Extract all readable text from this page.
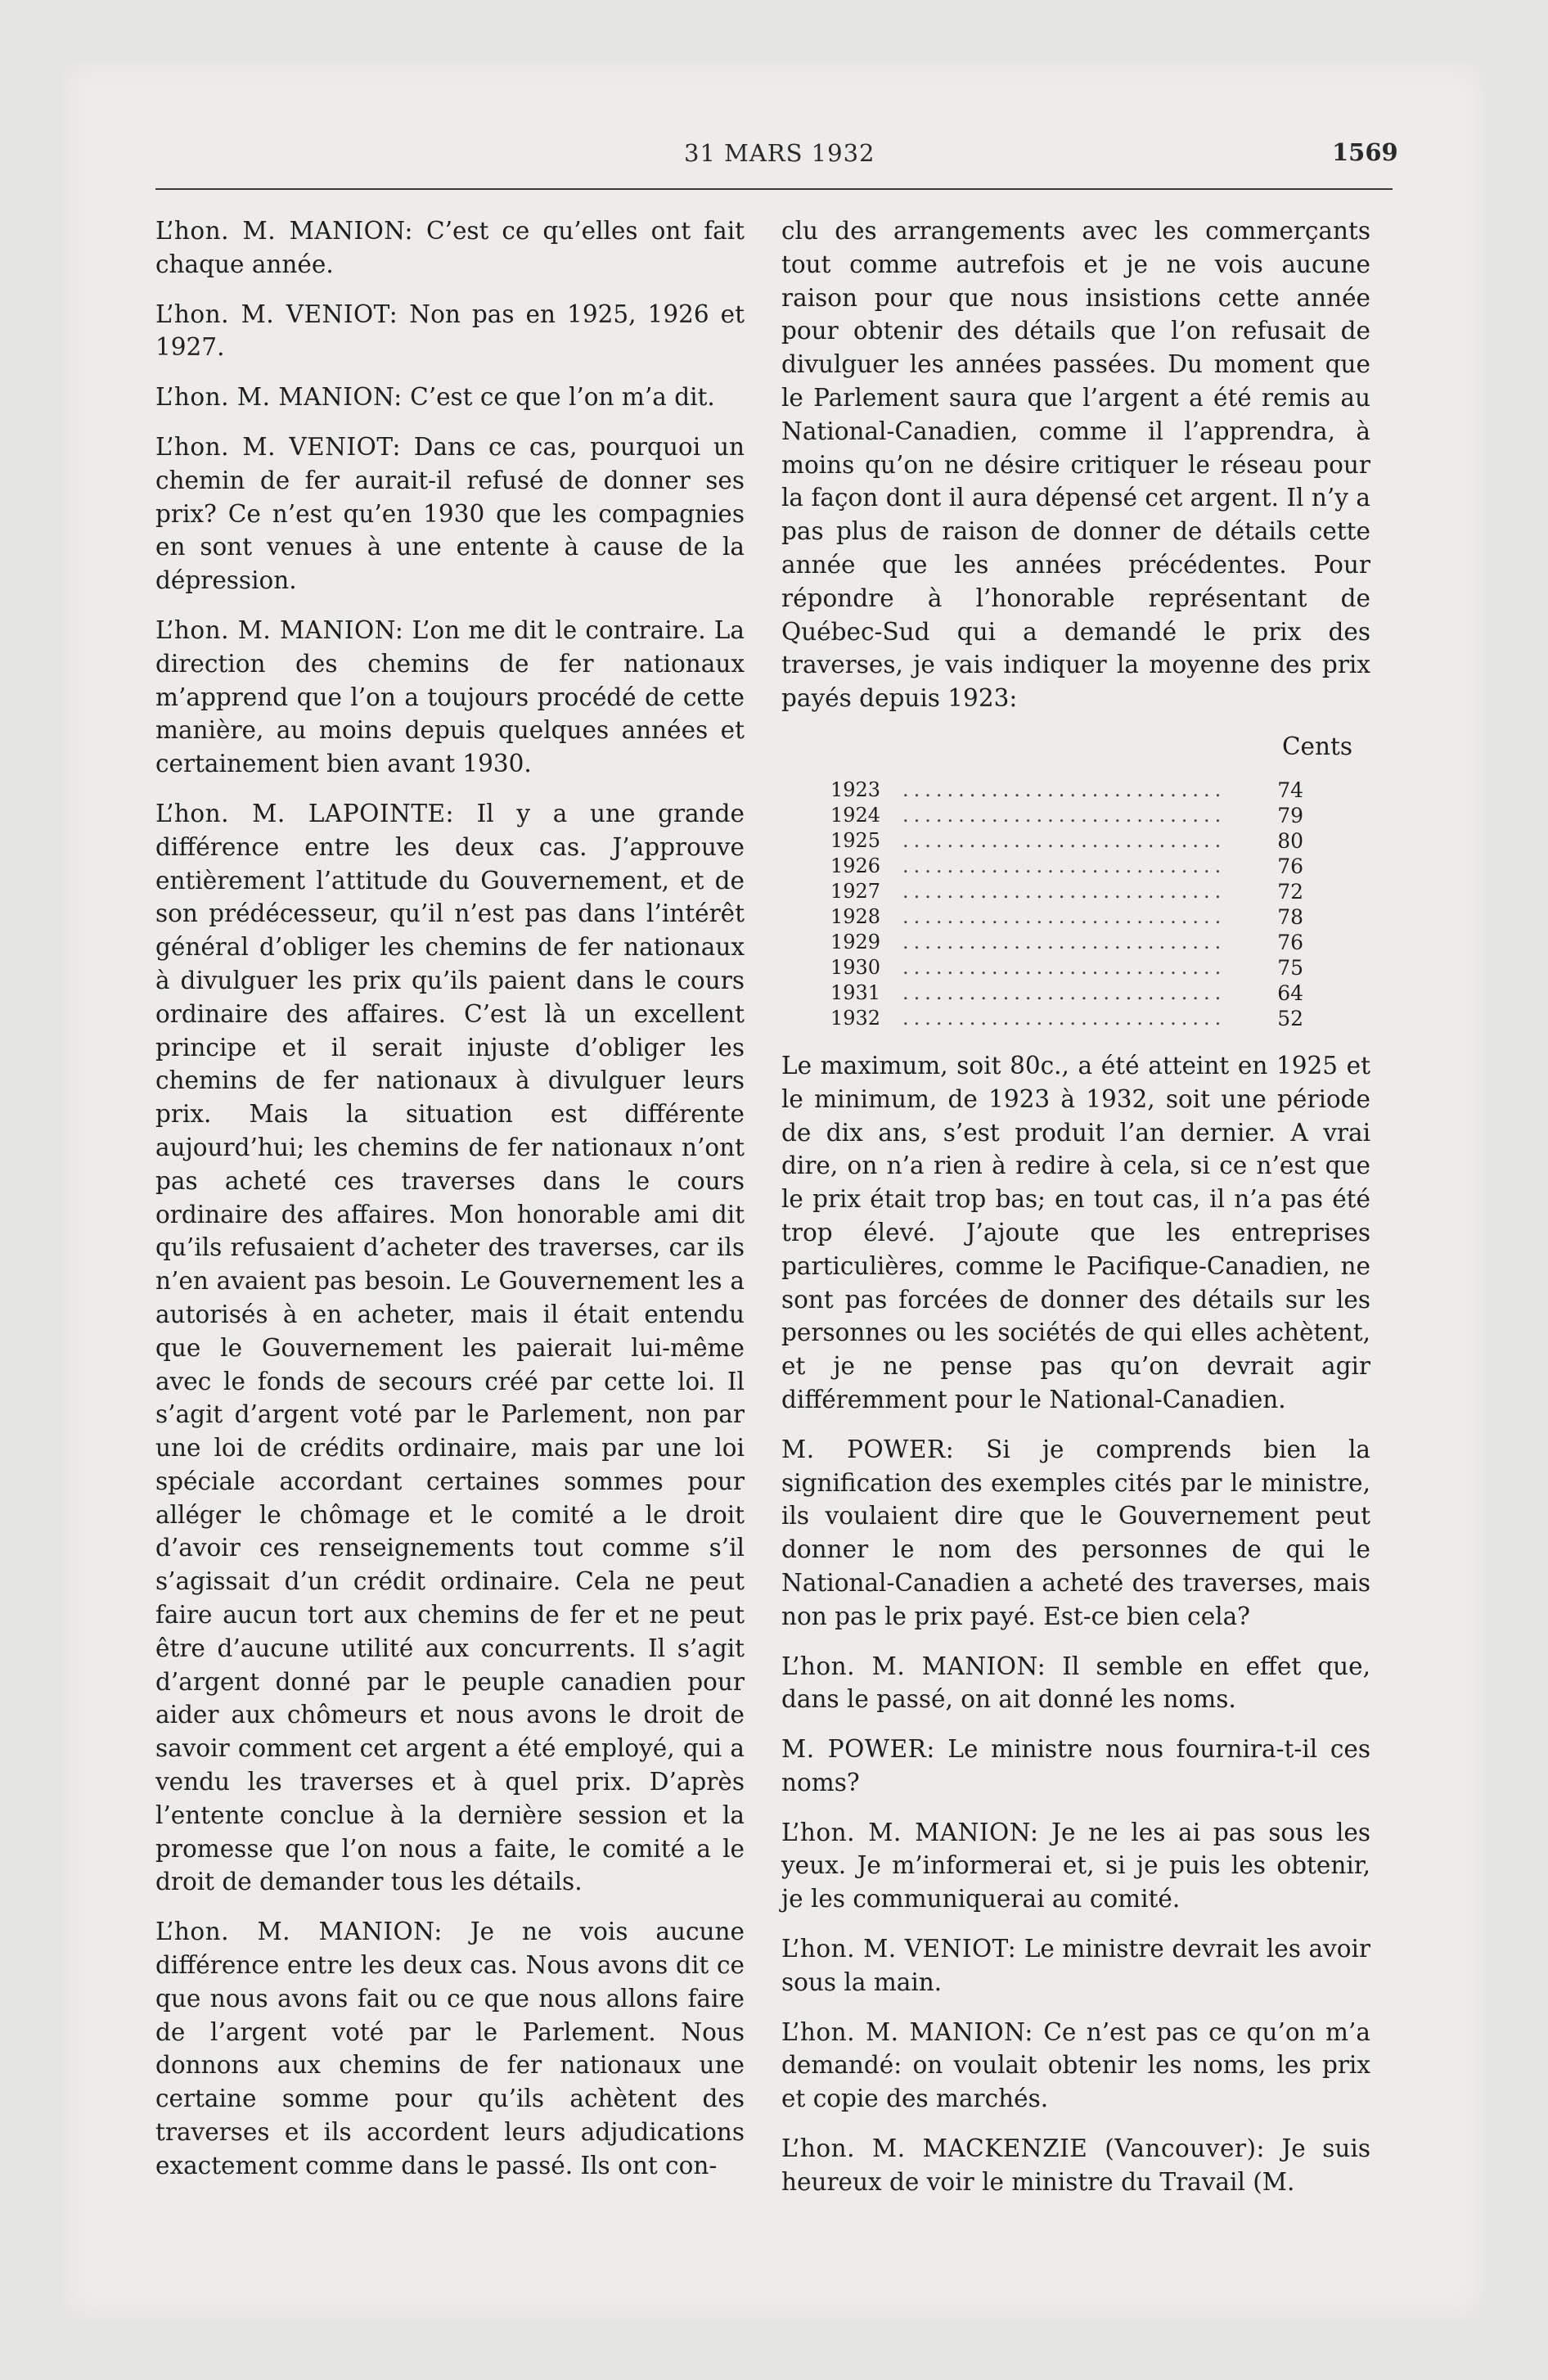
31 MARS 1932	1569

L’hon. M. MANION: C’est ce qu’elles ont fait chaque année.

L’hon. M. VENIOT: Non pas en 1925, 1926 et 1927.

L’hon. M. MANION: C’est ce que l’on m’a dit.

L’hon. M. VENIOT: Dans ce cas, pourquoi un chemin de fer aurait-il refusé de donner ses prix? Ce n’est qu’en 1930 que les compagnies en sont venues à une entente à cause de la dépression.

L’hon. M. MANION: L’on me dit le contraire. La direction des chemins de fer nationaux m’apprend que l’on a toujours procédé de cette manière, au moins depuis quelques années et certainement bien avant 1930.

L’hon. M. LAPOINTE: Il y a une grande différence entre les deux cas. J’approuve entièrement l’attitude du Gouvernement, et de son prédécesseur, qu’il n’est pas dans l’intérêt général d’obliger les chemins de fer nationaux à divulguer les prix qu’ils paient dans le cours ordinaire des affaires. C’est là un excellent principe et il serait injuste d’obliger les chemins de fer nationaux à divulguer leurs prix. Mais la situation est différente aujourd’hui; les chemins de fer nationaux n’ont pas acheté ces traverses dans le cours ordinaire des affaires. Mon honorable ami dit qu’ils refusaient d’acheter des traverses, car ils n’en avaient pas besoin. Le Gouvernement les a autorisés à en acheter, mais il était entendu que le Gouvernement les paierait lui-même avec le fonds de secours créé par cette loi. Il s’agit d’argent voté par le Parlement, non par une loi de crédits ordinaire, mais par une loi spéciale accordant certaines sommes pour alléger le chômage et le comité a le droit d’avoir ces renseignements tout comme s’il s’agissait d’un crédit ordinaire. Cela ne peut faire aucun tort aux chemins de fer et ne peut être d’aucune utilité aux concurrents. Il s’agit d’argent donné par le peuple canadien pour aider aux chômeurs et nous avons le droit de savoir comment cet argent a été employé, qui a vendu les traverses et à quel prix. D’après l’entente conclue à la dernière session et la promesse que l’on nous a faite, le comité a le droit de demander tous les détails.

L’hon. M. MANION: Je ne vois aucune différence entre les deux cas. Nous avons dit ce que nous avons fait ou ce que nous allons faire de l’argent voté par le Parlement. Nous donnons aux chemins de fer nationaux une certaine somme pour qu’ils achètent des traverses et ils accordent leurs adjudications exactement comme dans le passé. Ils ont con-

clu des arrangements avec les commerçants tout comme autrefois et je ne vois aucune raison pour que nous insistions cette année pour obtenir des détails que l’on refusait de divulguer les années passées. Du moment que le Parlement saura que l’argent a été remis au National-Canadien, comme il l’apprendra, à moins qu’on ne désire critiquer le réseau pour la façon dont il aura dépensé cet argent. Il n’y a pas plus de raison de donner de détails cette année que les années précédentes. Pour répondre à l’honorable représentant de Québec-Sud qui a demandé le prix des traverses, je vais indiquer la moyenne des prix payés depuis 1923:

Cents

1923	.............................	74
1924	.............................	79
1925	.............................	80
1926	.............................	76
1927	.............................	72
1928	.............................	78
1929	.............................	76
1930	.............................	75
1931	.............................	64
1932	.............................	52

Le maximum, soit 80c., a été atteint en 1925 et le minimum, de 1923 à 1932, soit une période de dix ans, s’est produit l’an dernier. A vrai dire, on n’a rien à redire à cela, si ce n’est que le prix était trop bas; en tout cas, il n’a pas été trop élevé. J’ajoute que les entreprises particulières, comme le Pacifique-Canadien, ne sont pas forcées de donner des détails sur les personnes ou les sociétés de qui elles achètent, et je ne pense pas qu’on devrait agir différemment pour le National-Canadien.

M. POWER: Si je comprends bien la signification des exemples cités par le ministre, ils voulaient dire que le Gouvernement peut donner le nom des personnes de qui le National-Canadien a acheté des traverses, mais non pas le prix payé. Est-ce bien cela?

L’hon. M. MANION: Il semble en effet que, dans le passé, on ait donné les noms.

M. POWER: Le ministre nous fournira-t-il ces noms?

L’hon. M. MANION: Je ne les ai pas sous les yeux. Je m’informerai et, si je puis les obtenir, je les communiquerai au comité.

L’hon. M. VENIOT: Le ministre devrait les avoir sous la main.

L’hon. M. MANION: Ce n’est pas ce qu’on m’a demandé: on voulait obtenir les noms, les prix et copie des marchés.

L’hon. M. MACKENZIE (Vancouver): Je suis heureux de voir le ministre du Travail (M.
